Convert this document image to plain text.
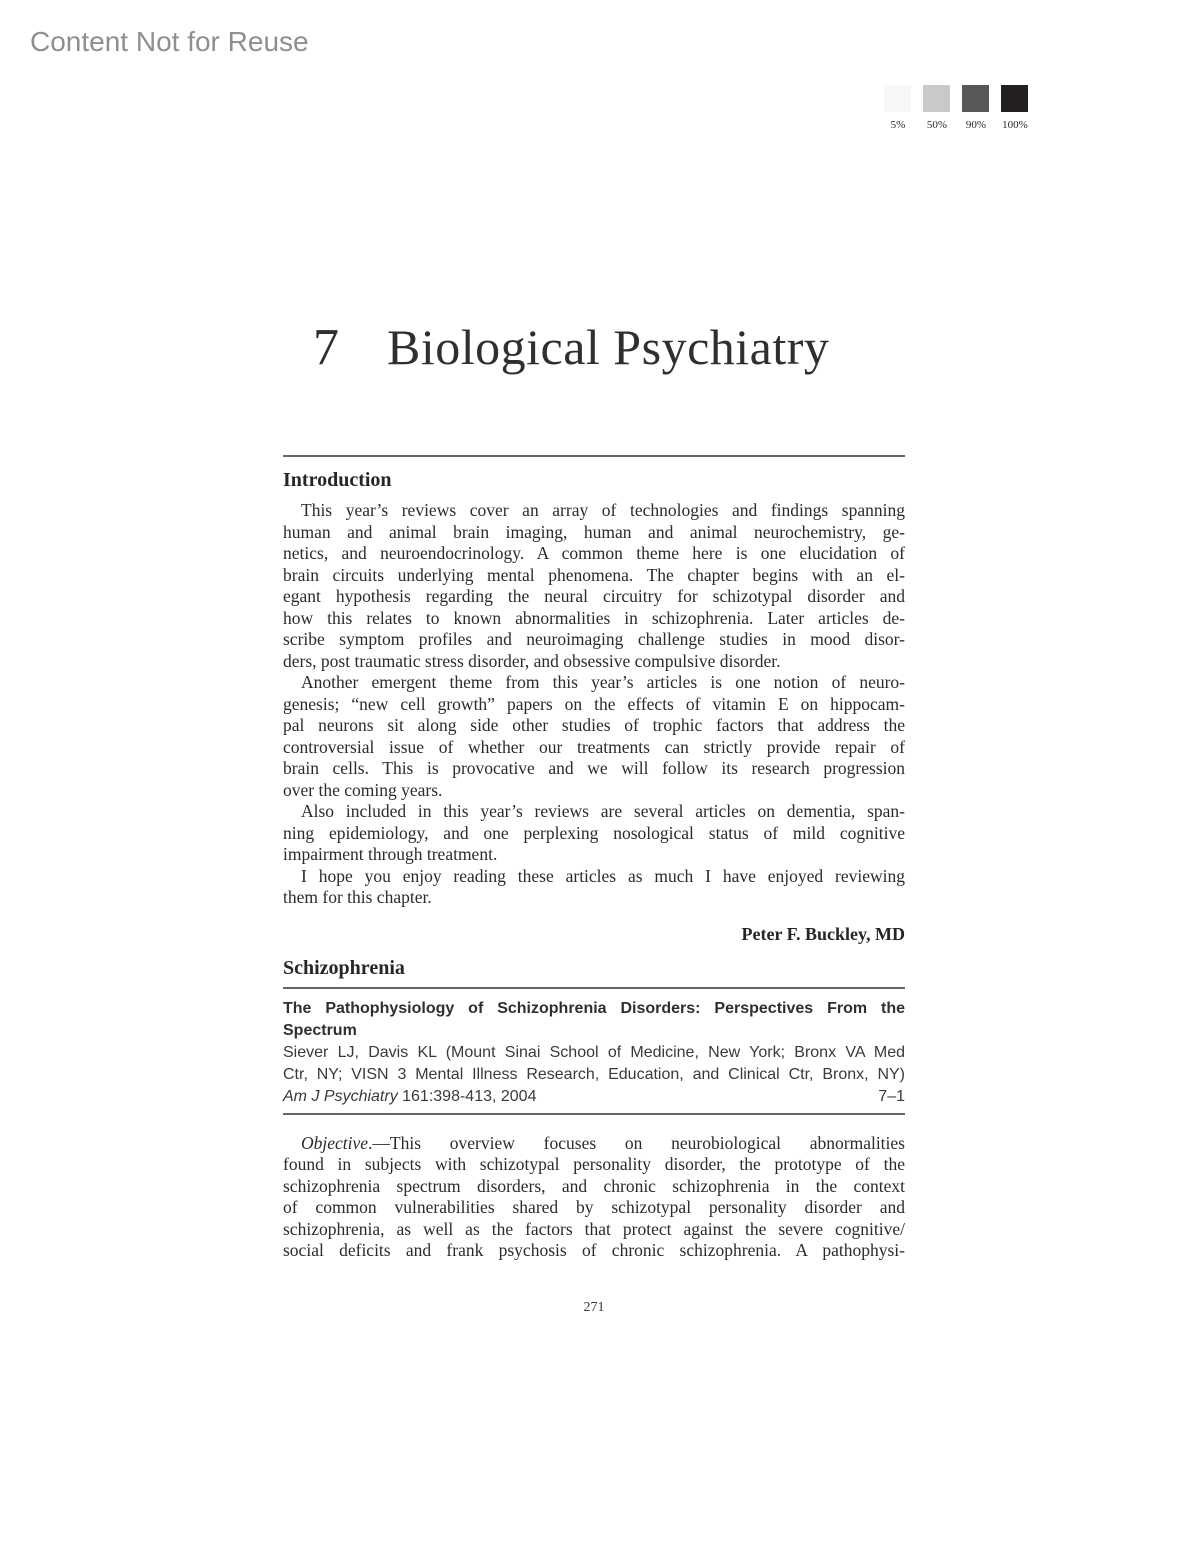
Content Not for Reuse
5%	50%	90%	100%
7 Biological Psychiatry
Introduction
This year’s reviews cover an array of technologies and findings spanning
human and animal brain imaging, human and animal neurochemistry, ge-
netics, and neuroendocrinology. A common theme here is one elucidation of
brain circuits underlying mental phenomena. The chapter begins with an el-
egant hypothesis regarding the neural circuitry for schizotypal disorder and
how this relates to known abnormalities in schizophrenia. Later articles de-
scribe symptom profiles and neuroimaging challenge studies in mood disor-
ders, post traumatic stress disorder, and obsessive compulsive disorder.
Another emergent theme from this year’s articles is one notion of neuro-
genesis; “new cell growth” papers on the effects of vitamin E on hippocam-
pal neurons sit along side other studies of trophic factors that address the
controversial issue of whether our treatments can strictly provide repair of
brain cells. This is provocative and we will follow its research progression
over the coming years.
Also included in this year’s reviews are several articles on dementia, span-
ning epidemiology, and one perplexing nosological status of mild cognitive
impairment through treatment.
I hope you enjoy reading these articles as much I have enjoyed reviewing
them for this chapter.
Peter F. Buckley, MD
Schizophrenia
The Pathophysiology of Schizophrenia Disorders: Perspectives From the
Spectrum
Siever LJ, Davis KL (Mount Sinai School of Medicine, New York; Bronx VA Med
Ctr, NY; VISN 3 Mental Illness Research, Education, and Clinical Ctr, Bronx, NY)
Am J Psychiatry 161:398-413, 2004	7–1
Objective.—This overview focuses on neurobiological abnormalities
found in subjects with schizotypal personality disorder, the prototype of the
schizophrenia spectrum disorders, and chronic schizophrenia in the context
of common vulnerabilities shared by schizotypal personality disorder and
schizophrenia, as well as the factors that protect against the severe cognitive/
social deficits and frank psychosis of chronic schizophrenia. A pathophysi-
271
